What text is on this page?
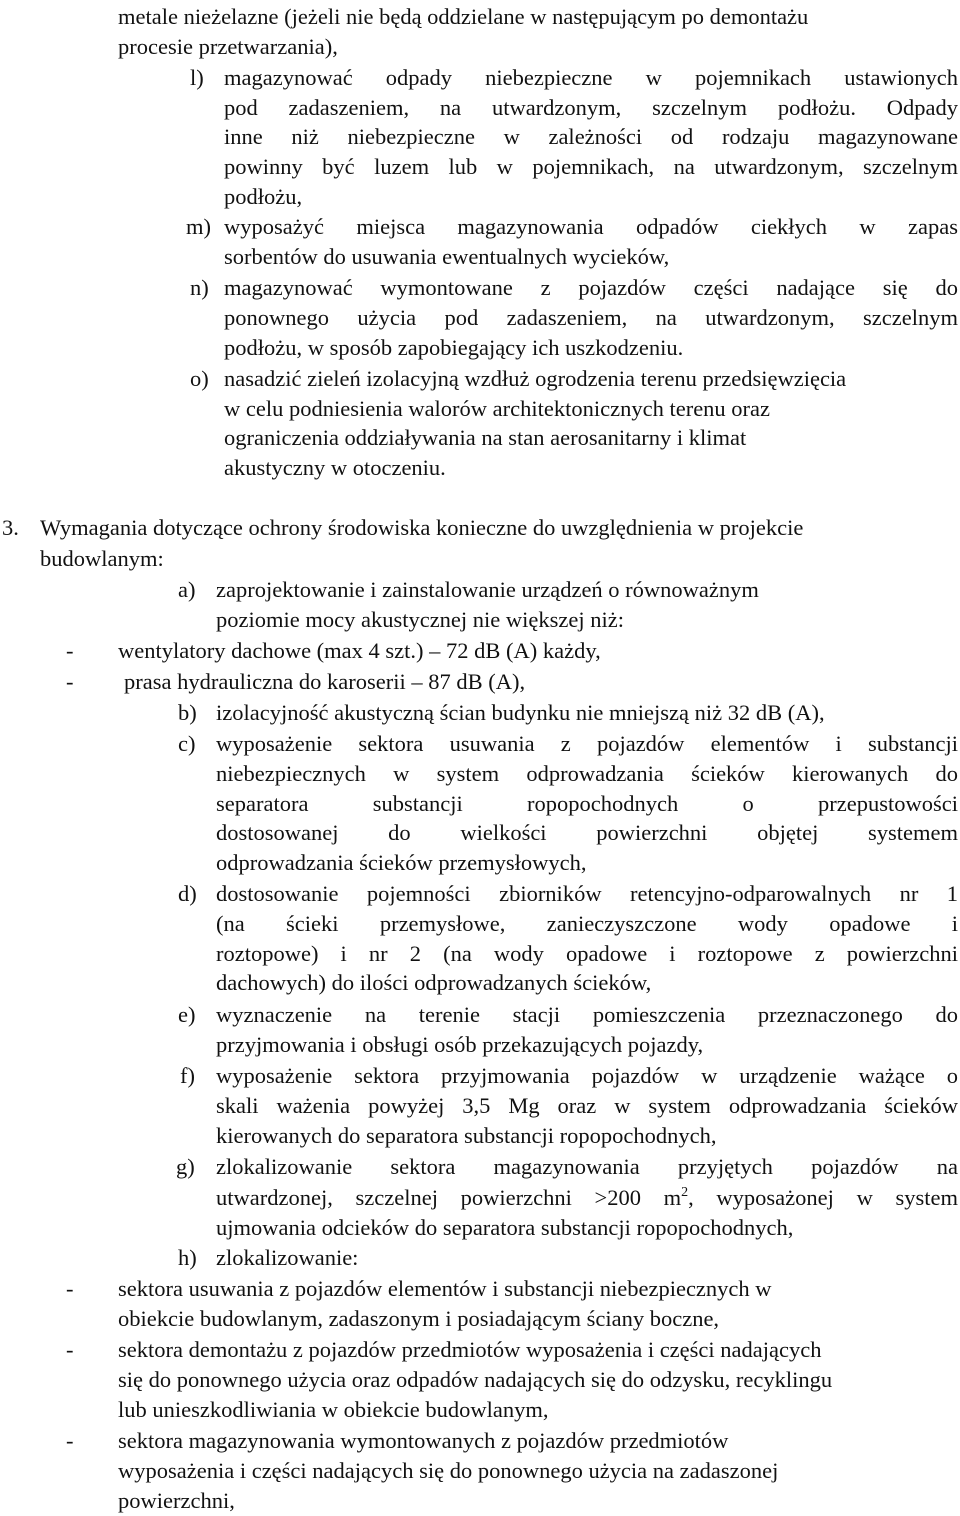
metale nieżelazne (jeżeli nie będą oddzielane w następującym po demontażu
procesie przetwarzania),
l) magazynować odpady niebezpieczne w pojemnikach ustawionych
pod zadaszeniem, na utwardzonym, szczelnym podłożu. Odpady
inne niż niebezpieczne w zależności od rodzaju magazynowane
powinny być luzem lub w pojemnikach, na utwardzonym, szczelnym
podłożu,
m) wyposażyć miejsca magazynowania odpadów ciekłych w zapas
sorbentów do usuwania ewentualnych wycieków,
n) magazynować wymontowane z pojazdów części nadające się do
ponownego użycia pod zadaszeniem, na utwardzonym, szczelnym
podłożu, w sposób zapobiegający ich uszkodzeniu.
o) nasadzić zieleń izolacyjną wzdłuż ogrodzenia terenu przedsięwzięcia
w celu podniesienia walorów architektonicznych terenu oraz
ograniczenia oddziaływania na stan aerosanitarny i klimat
akustyczny w otoczeniu.
3. Wymagania dotyczące ochrony środowiska konieczne do uwzględnienia w projekcie
budowlanym:
a) zaprojektowanie i zainstalowanie urządzeń o równoważnym
poziomie mocy akustycznej nie większej niż:
- wentylatory dachowe (max 4 szt.) – 72 dB (A) każdy,
- prasa hydrauliczna do karoserii – 87 dB (A),
b) izolacyjność akustyczną ścian budynku nie mniejszą niż 32 dB (A),
c) wyposażenie sektora usuwania z pojazdów elementów i substancji
niebezpiecznych w system odprowadzania ścieków kierowanych do
separatora substancji ropopochodnych o przepustowości
dostosowanej do wielkości powierzchni objętej systemem
odprowadzania ścieków przemysłowych,
d) dostosowanie pojemności zbiorników retencyjno-odparowalnych nr 1
(na ścieki przemysłowe, zanieczyszczone wody opadowe i
roztopowe) i nr 2 (na wody opadowe i roztopowe z powierzchni
dachowych) do ilości odprowadzanych ścieków,
e) wyznaczenie na terenie stacji pomieszczenia przeznaczonego do
przyjmowania i obsługi osób przekazujących pojazdy,
f) wyposażenie sektora przyjmowania pojazdów w urządzenie ważące o
skali ważenia powyżej 3,5 Mg oraz w system odprowadzania ścieków
kierowanych do separatora substancji ropopochodnych,
g) zlokalizowanie sektora magazynowania przyjętych pojazdów na
utwardzonej, szczelnej powierzchni >200 $m^2$, wyposażonej w system
ujmowania odcieków do separatora substancji ropopochodnych,
h) zlokalizowanie:
- sektora usuwania z pojazdów elementów i substancji niebezpiecznych w
obiekcie budowlanym, zadaszonym i posiadającym ściany boczne,
- sektora demontażu z pojazdów przedmiotów wyposażenia i części nadających
się do ponownego użycia oraz odpadów nadających się do odzysku, recyklingu
lub unieszkodliwiania w obiekcie budowlanym,
- sektora magazynowania wymontowanych z pojazdów przedmiotów
wyposażenia i części nadających się do ponownego użycia na zadaszonej
powierzchni,
